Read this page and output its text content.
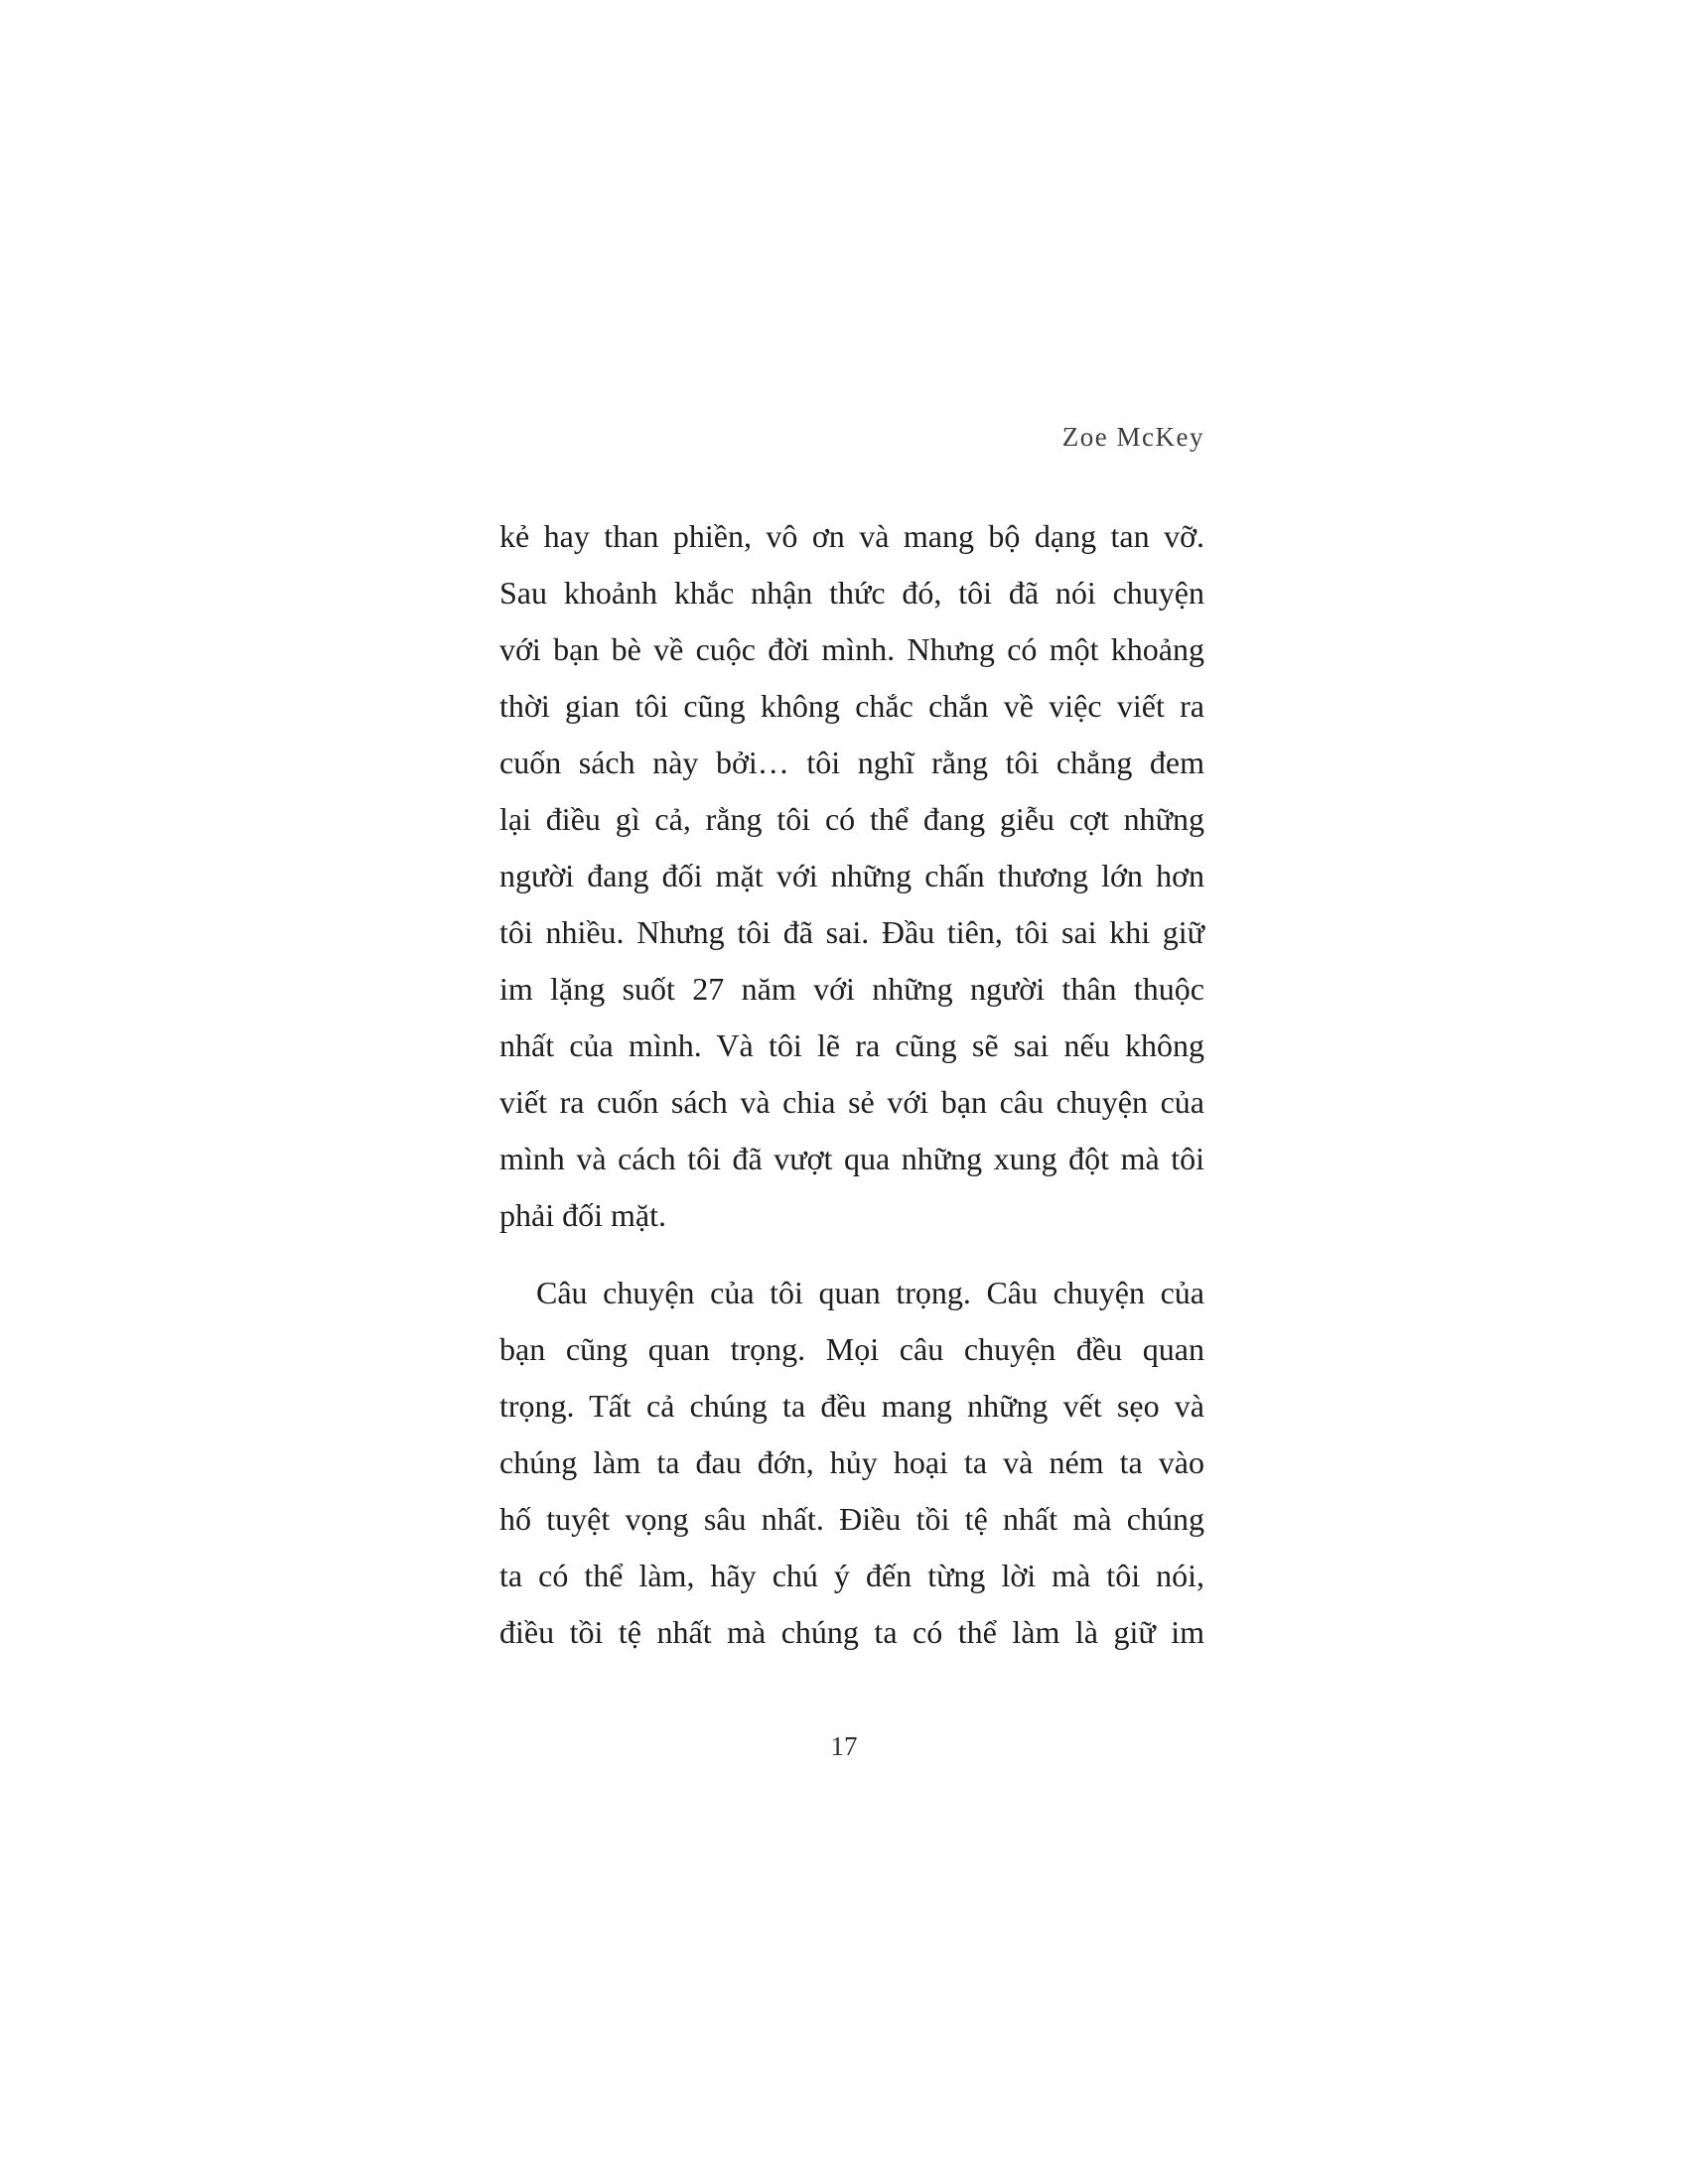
Zoe McKey
kẻ hay than phiền, vô ơn và mang bộ dạng tan vỡ.
Sau khoảnh khắc nhận thức đó, tôi đã nói chuyện
với bạn bè về cuộc đời mình. Nhưng có một khoảng
thời gian tôi cũng không chắc chắn về việc viết ra
cuốn sách này bởi… tôi nghĩ rằng tôi chẳng đem
lại điều gì cả, rằng tôi có thể đang giễu cợt những
người đang đối mặt với những chấn thương lớn hơn
tôi nhiều. Nhưng tôi đã sai. Đầu tiên, tôi sai khi giữ
im lặng suốt 27 năm với những người thân thuộc
nhất của mình. Và tôi lẽ ra cũng sẽ sai nếu không
viết ra cuốn sách và chia sẻ với bạn câu chuyện của
mình và cách tôi đã vượt qua những xung đột mà tôi
phải đối mặt.
Câu chuyện của tôi quan trọng. Câu chuyện của
bạn cũng quan trọng. Mọi câu chuyện đều quan
trọng. Tất cả chúng ta đều mang những vết sẹo và
chúng làm ta đau đớn, hủy hoại ta và ném ta vào
hố tuyệt vọng sâu nhất. Điều tồi tệ nhất mà chúng
ta có thể làm, hãy chú ý đến từng lời mà tôi nói,
điều tồi tệ nhất mà chúng ta có thể làm là giữ im
17
